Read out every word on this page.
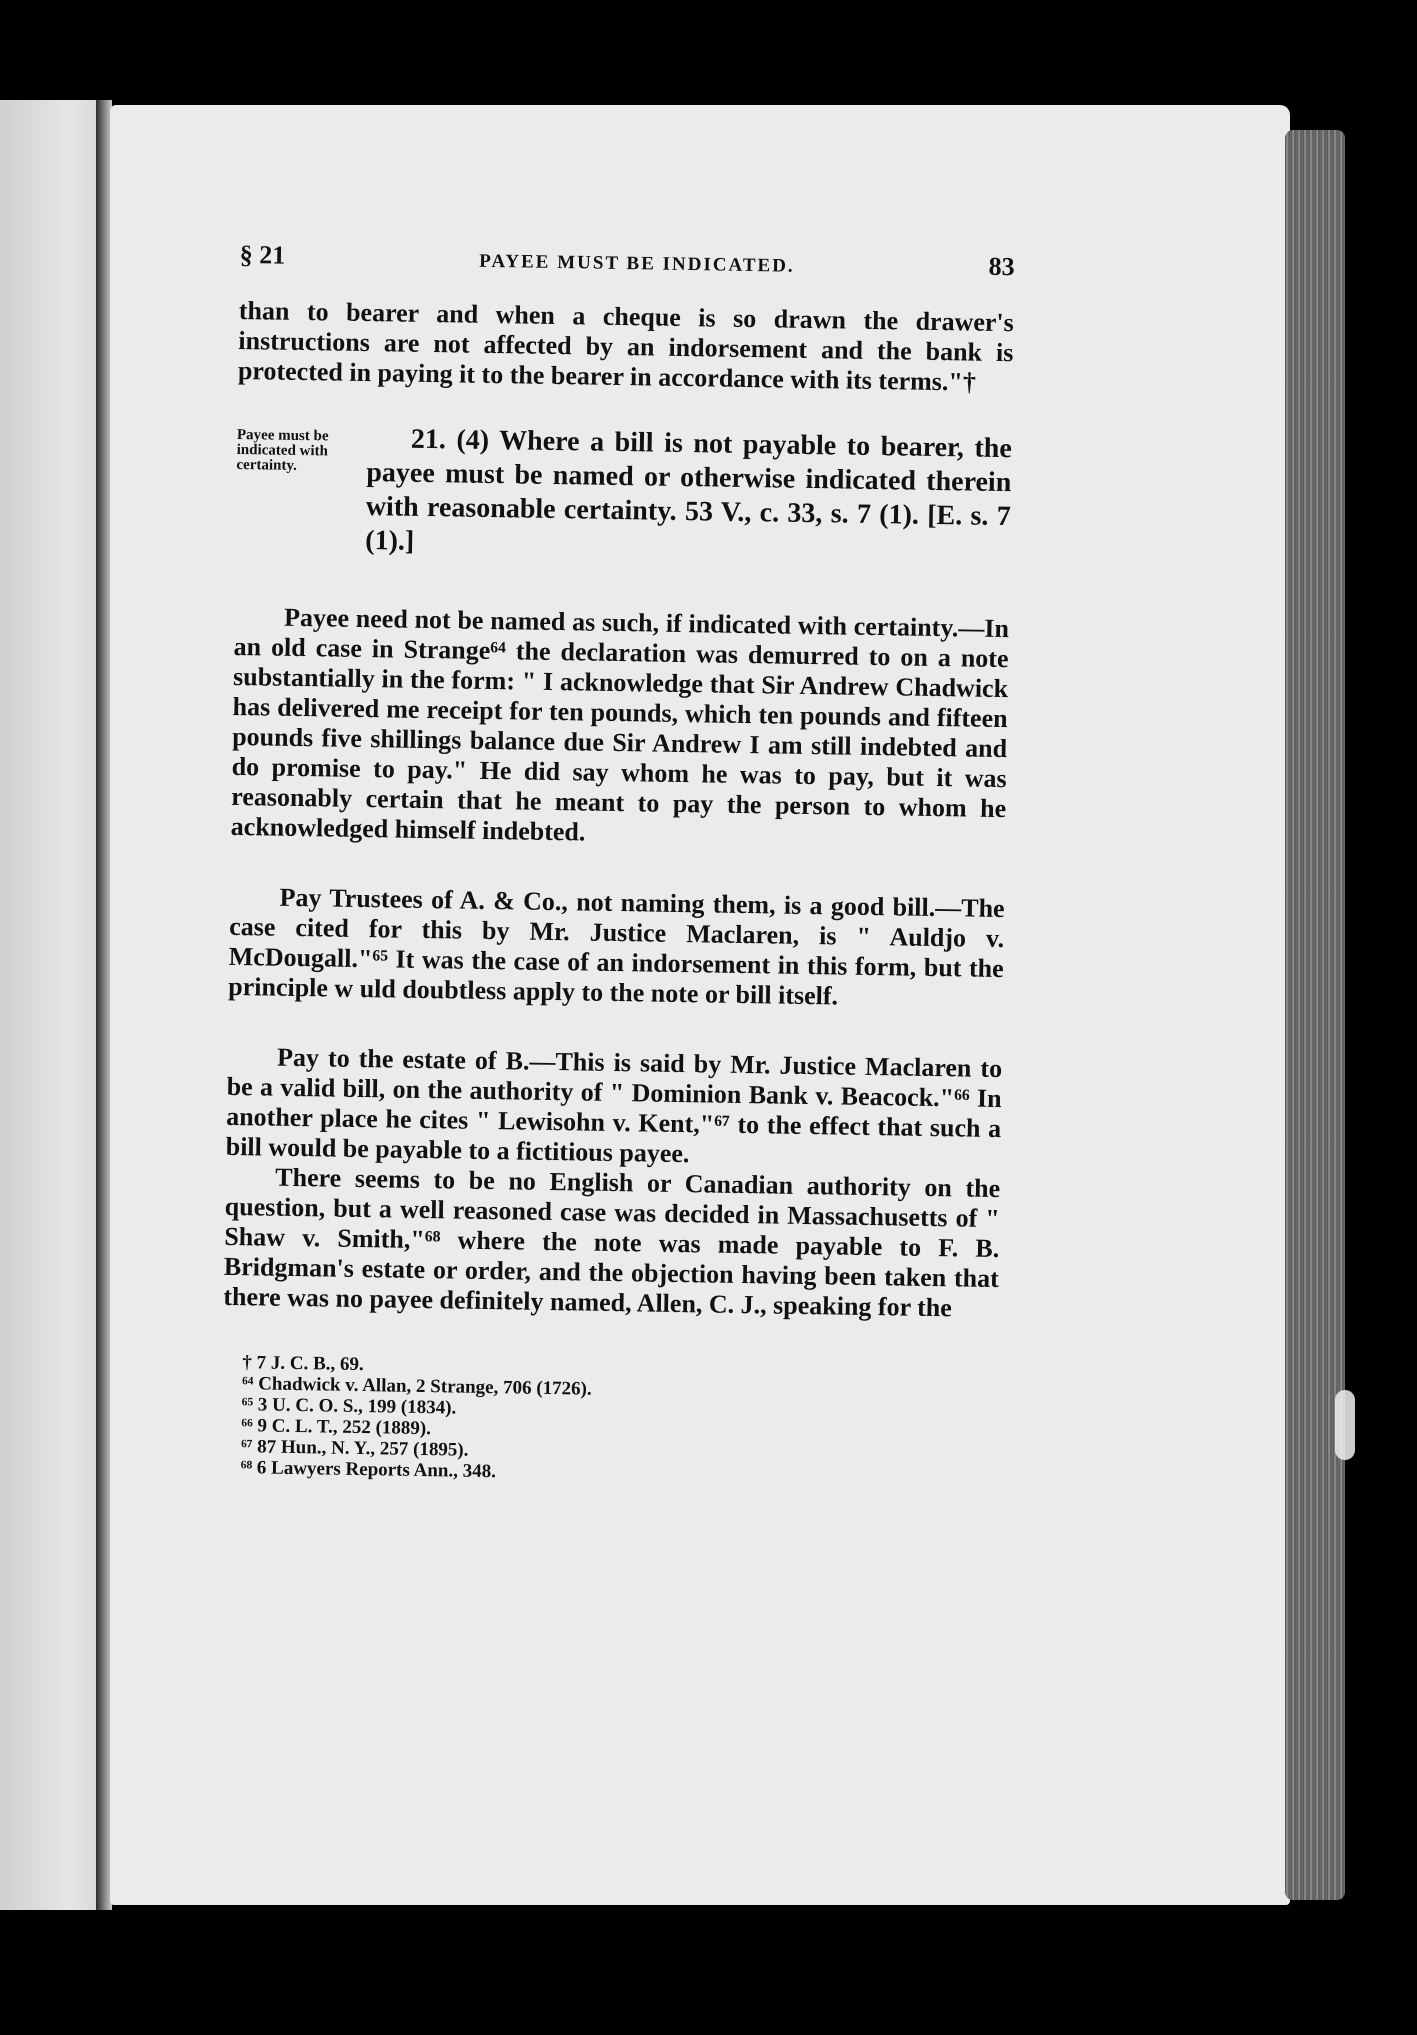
§ 21	PAYEE MUST BE INDICATED.	83

than to bearer and when a cheque is so drawn the drawer's instructions are not affected by an indorsement and the bank is protected in paying it to the bearer in accordance with its terms."†

Payee must be indicated with certainty.
21. (4) Where a bill is not payable to bearer, the payee must be named or otherwise indicated therein with reasonable certainty. 53 V., c. 33, s. 7 (1). [E. s. 7 (1).]

Payee need not be named as such, if indicated with certainty.—In an old case in Strange⁶⁴ the declaration was demurred to on a note substantially in the form: " I acknowledge that Sir Andrew Chadwick has delivered me receipt for ten pounds, which ten pounds and fifteen pounds five shillings balance due Sir Andrew I am still indebted and do promise to pay." He did say whom he was to pay, but it was reasonably certain that he meant to pay the person to whom he acknowledged himself indebted.

Pay Trustees of A. & Co., not naming them, is a good bill.—The case cited for this by Mr. Justice Maclaren, is " Auldjo v. McDougall."⁶⁵ It was the case of an indorsement in this form, but the principle w uld doubtless apply to the note or bill itself.

Pay to the estate of B.—This is said by Mr. Justice Maclaren to be a valid bill, on the authority of " Dominion Bank v. Beacock."⁶⁶ In another place he cites " Lewisohn v. Kent,"⁶⁷ to the effect that such a bill would be payable to a fictitious payee.

There seems to be no English or Canadian authority on the question, but a well reasoned case was decided in Massachusetts of " Shaw v. Smith,"⁶⁸ where the note was made payable to F. B. Bridgman's estate or order, and the objection having been taken that there was no payee definitely named, Allen, C. J., speaking for the

† 7 J. C. B., 69.
⁶⁴ Chadwick v. Allan, 2 Strange, 706 (1726).
⁶⁵ 3 U. C. O. S., 199 (1834).
⁶⁶ 9 C. L. T., 252 (1889).
⁶⁷ 87 Hun., N. Y., 257 (1895).
⁶⁸ 6 Lawyers Reports Ann., 348.
